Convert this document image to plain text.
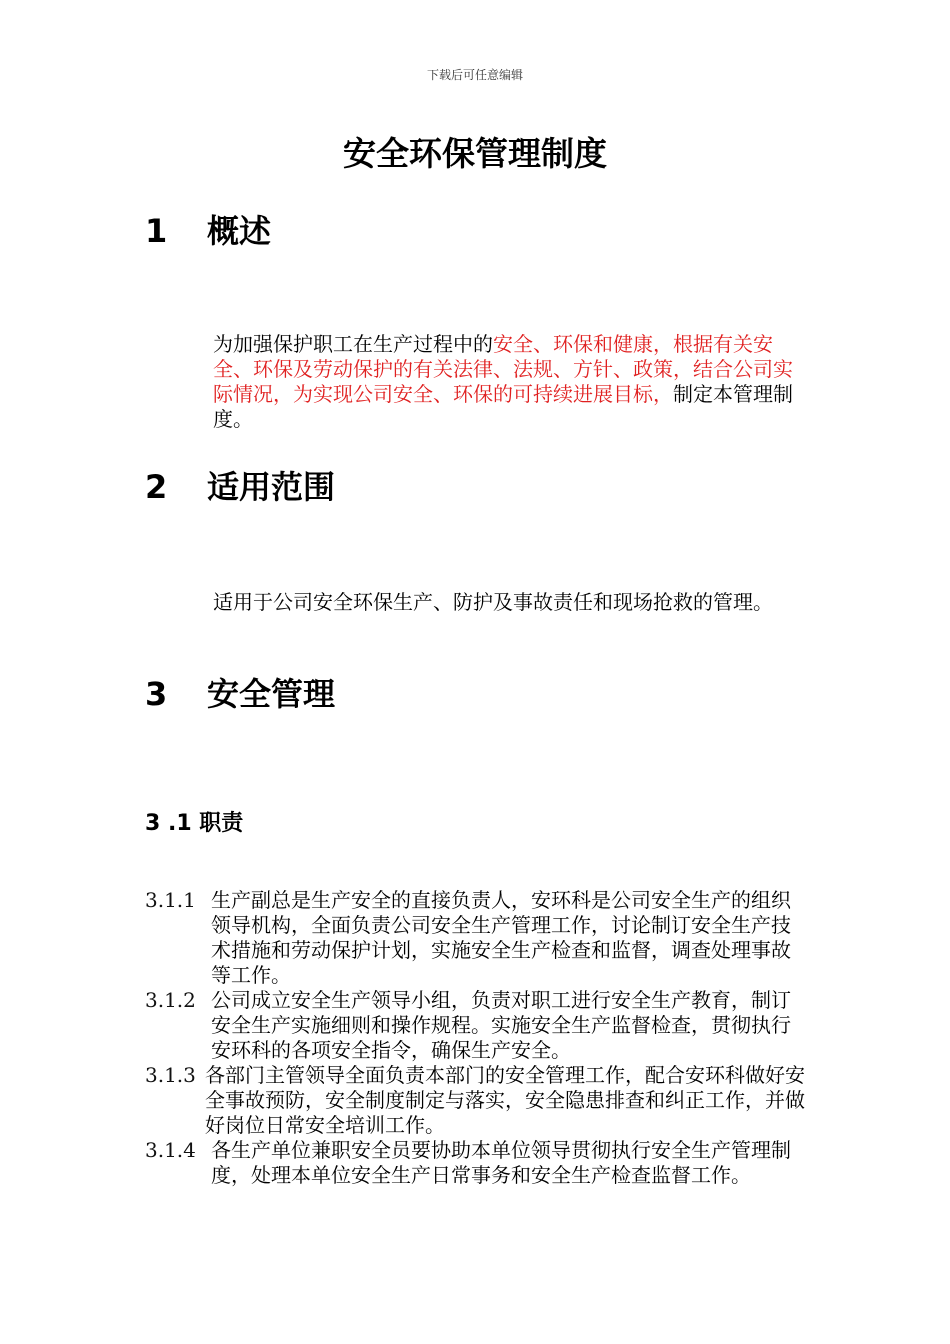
下载后可任意编辑
安全环保管理制度
1 概述

为加强保护职工在生产过程中的安全、环保和健康，根据有关安全、环保及劳动保护的有关法律、法规、方针、政策，结合公司实际情况，为实现公司安全、环保的可持续进展目标，制定本管理制度。

2 适用范围

适用于公司安全环保生产、防护及事故责任和现场抢救的管理。

3 安全管理
3 .1 职责
3.1.1 生产副总是生产安全的直接负责人，安环科是公司安全生产的组织领导机构，全面负责公司安全生产管理工作，讨论制订安全生产技术措施和劳动保护计划，实施安全生产检查和监督，调查处理事故等工作。
3.1.2 公司成立安全生产领导小组，负责对职工进行安全生产教育，制订安全生产实施细则和操作规程。实施安全生产监督检查，贯彻执行安环科的各项安全指令，确保生产安全。
3.1.3 各部门主管领导全面负责本部门的安全管理工作，配合安环科做好安全事故预防，安全制度制定与落实，安全隐患排查和纠正工作，并做好岗位日常安全培训工作。
3.1.4 各生产单位兼职安全员要协助本单位领导贯彻执行安全生产管理制度，处理本单位安全生产日常事务和安全生产检查监督工作。
